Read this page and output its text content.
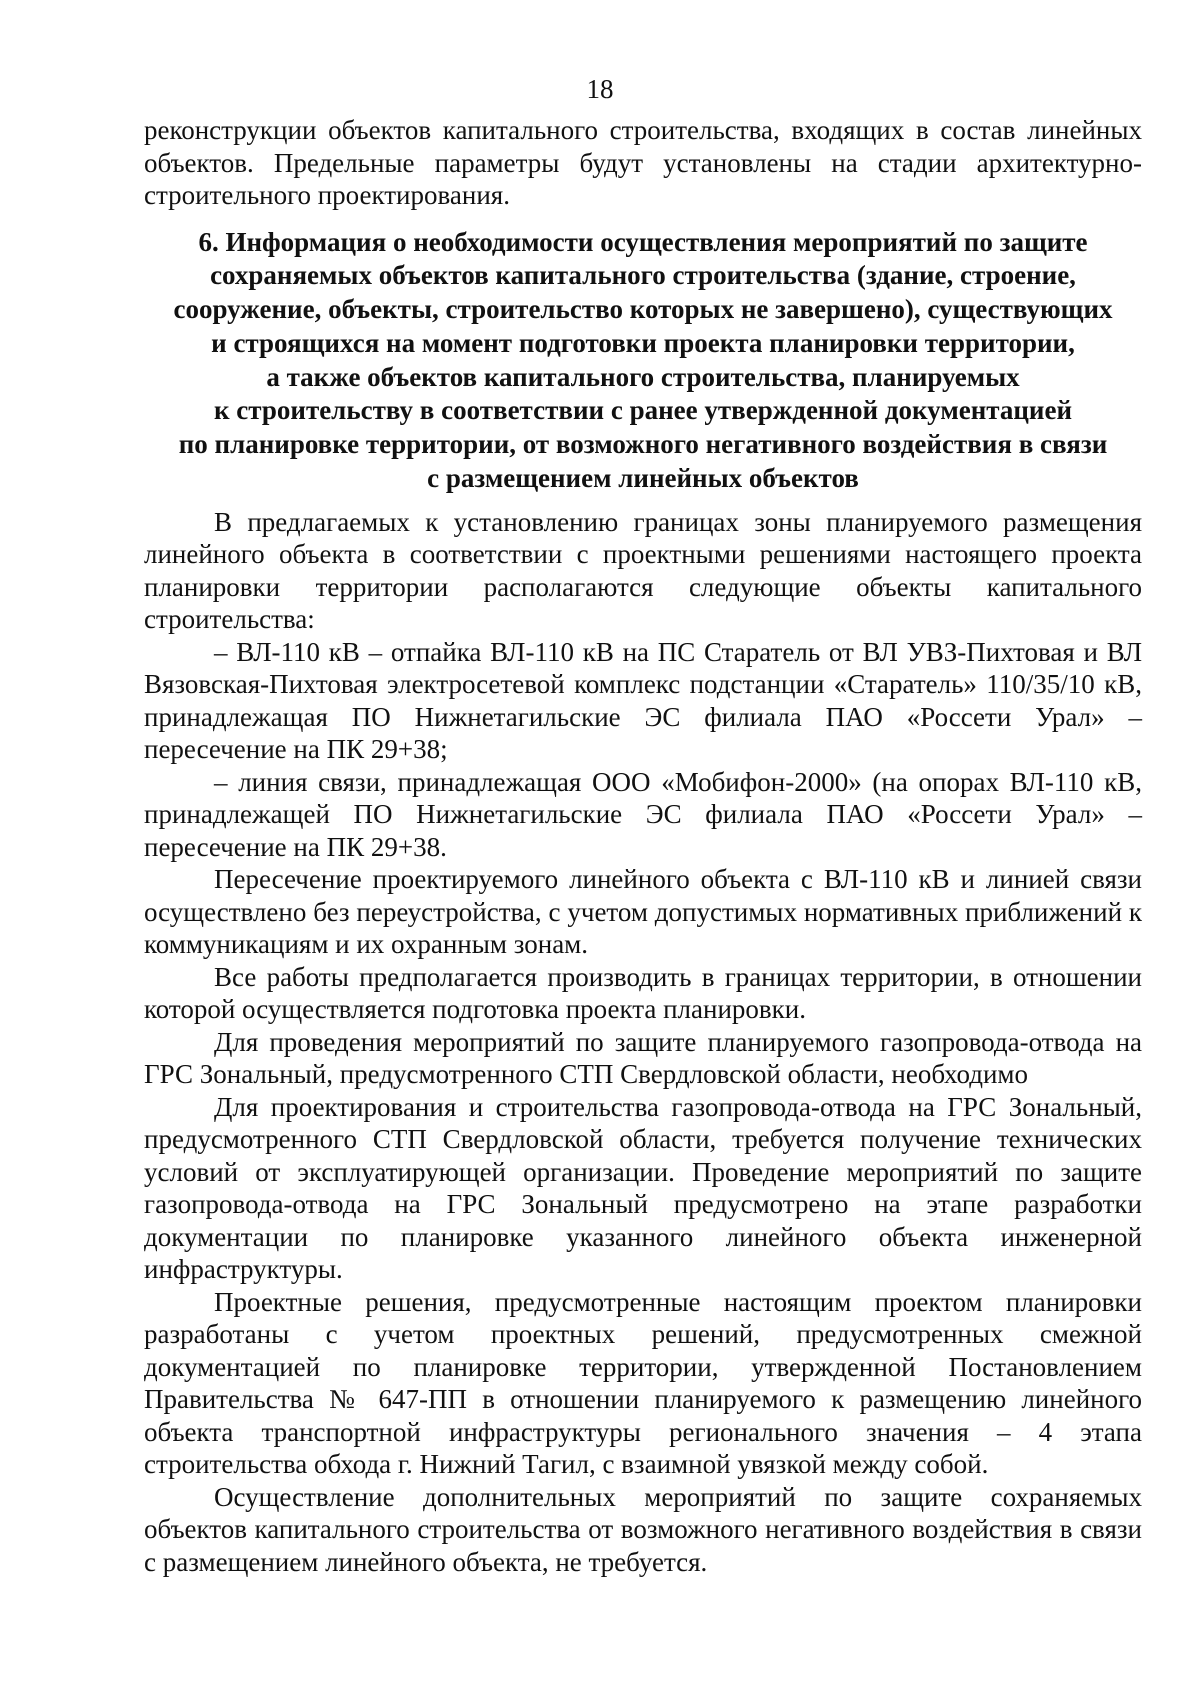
18

реконструкции объектов капитального строительства, входящих в состав линейных объектов. Предельные параметры будут установлены на стадии архитектурно-строительного проектирования.

6. Информация о необходимости осуществления мероприятий по защите
сохраняемых объектов капитального строительства (здание, строение,
сооружение, объекты, строительство которых не завершено), существующих
и строящихся на момент подготовки проекта планировки территории,
а также объектов капитального строительства, планируемых
к строительству в соответствии с ранее утвержденной документацией
по планировке территории, от возможного негативного воздействия в связи
с размещением линейных объектов

В предлагаемых к установлению границах зоны планируемого размещения линейного объекта в соответствии с проектными решениями настоящего проекта планировки территории располагаются следующие объекты капитального строительства:

– ВЛ-110 кВ – отпайка ВЛ-110 кВ на ПС Старатель от ВЛ УВЗ-Пихтовая и ВЛ Вязовская-Пихтовая электросетевой комплекс подстанции «Старатель» 110/35/10 кВ, принадлежащая ПО Нижнетагильские ЭС филиала ПАО «Россети Урал» – пересечение на ПК 29+38;

– линия связи, принадлежащая ООО «Мобифон-2000» (на опорах ВЛ-110 кВ, принадлежащей ПО Нижнетагильские ЭС филиала ПАО «Россети Урал» – пересечение на ПК 29+38.

Пересечение проектируемого линейного объекта с ВЛ-110 кВ и линией связи осуществлено без переустройства, с учетом допустимых нормативных приближений к коммуникациям и их охранным зонам.

Все работы предполагается производить в границах территории, в отношении которой осуществляется подготовка проекта планировки.

Для проведения мероприятий по защите планируемого газопровода-отвода на ГРС Зональный, предусмотренного СТП Свердловской области, необходимо

Для проектирования и строительства газопровода-отвода на ГРС Зональный, предусмотренного СТП Свердловской области, требуется получение технических условий от эксплуатирующей организации. Проведение мероприятий по защите газопровода-отвода на ГРС Зональный предусмотрено на этапе разработки документации по планировке указанного линейного объекта инженерной инфраструктуры.

Проектные решения, предусмотренные настоящим проектом планировки разработаны с учетом проектных решений, предусмотренных смежной документацией по планировке территории, утвержденной Постановлением Правительства № 647-ПП в отношении планируемого к размещению линейного объекта транспортной инфраструктуры регионального значения – 4 этапа строительства обхода г. Нижний Тагил, с взаимной увязкой между собой.

Осуществление дополнительных мероприятий по защите сохраняемых объектов капитального строительства от возможного негативного воздействия в связи с размещением линейного объекта, не требуется.
